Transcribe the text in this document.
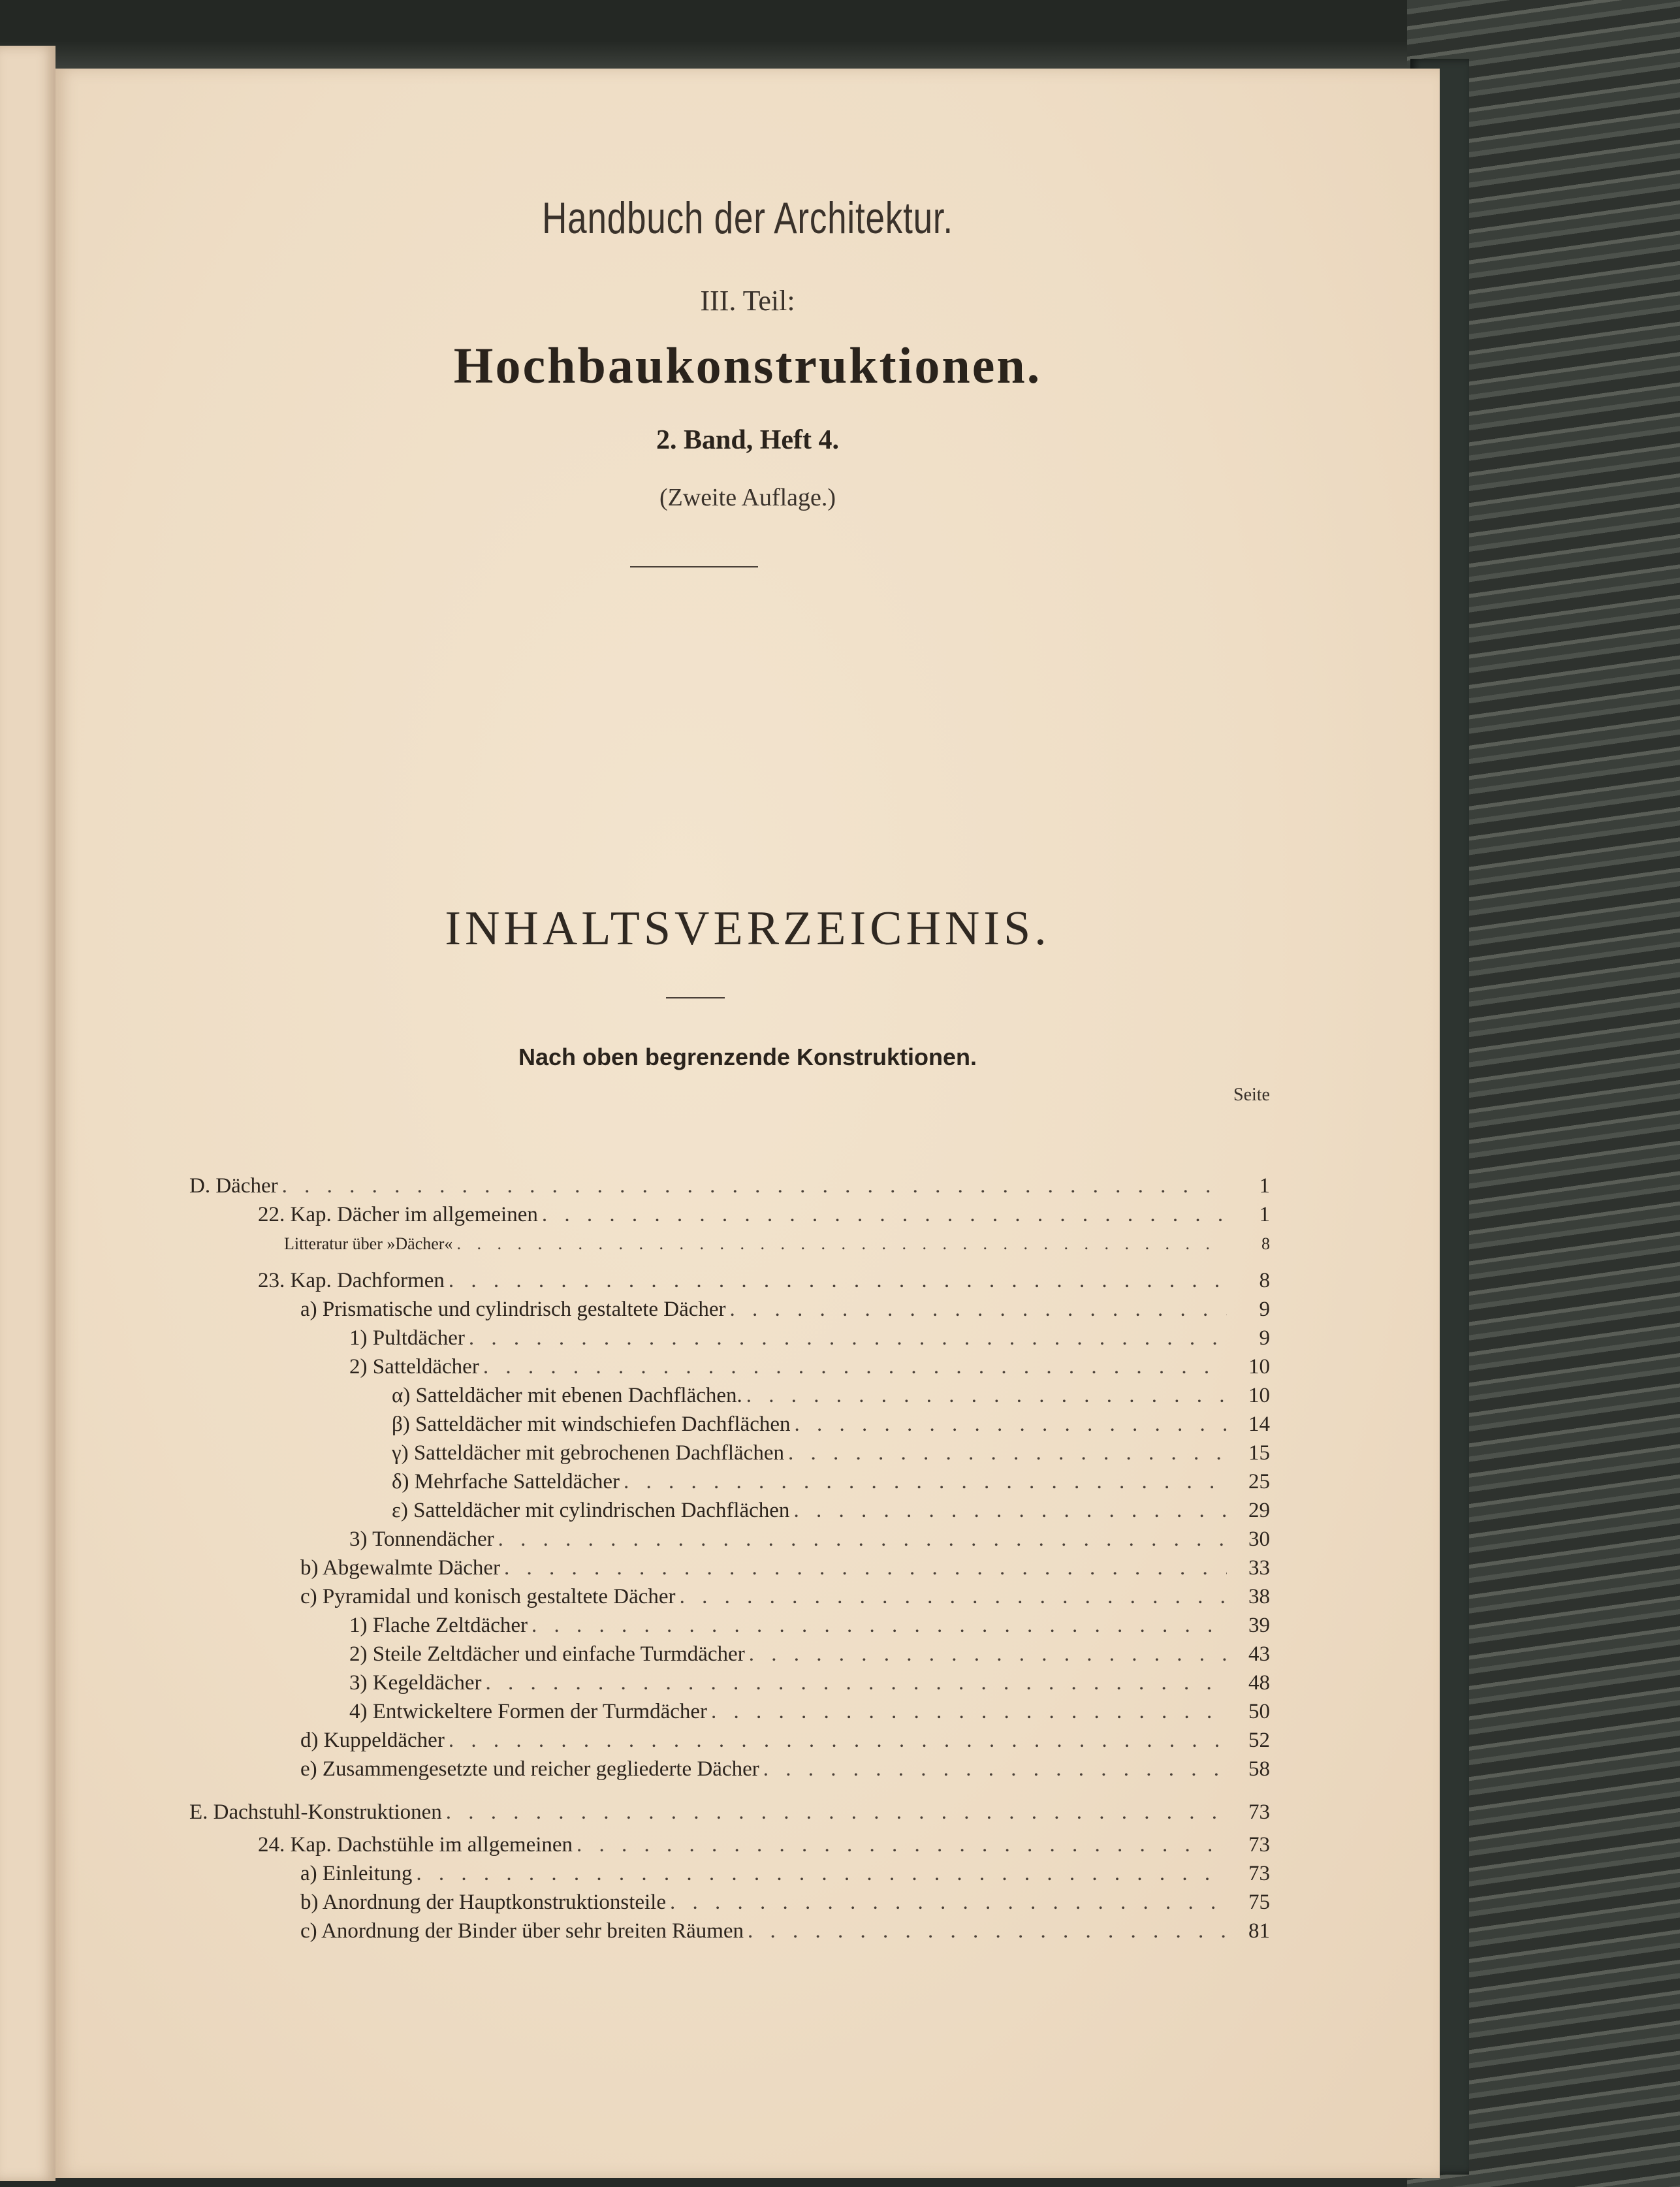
Handbuch der Architektur.
III. Teil:
Hochbaukonstruktionen.
2. Band, Heft 4.
(Zweite Auflage.)
INHALTSVERZEICHNIS.
Nach oben begrenzende Konstruktionen.
Seite
D. Dächer . . .	1
22. Kap. Dächer im allgemeinen . . .	1
Litteratur über »Dächer« . . .	8
23. Kap. Dachformen . . .	8
a) Prismatische und cylindrisch gestaltete Dächer . . .	9
1) Pultdächer . . .	9
2) Satteldächer . . .	10
α) Satteldächer mit ebenen Dachflächen. . . .	10
β) Satteldächer mit windschiefen Dachflächen . . .	14
γ) Satteldächer mit gebrochenen Dachflächen . . .	15
δ) Mehrfache Satteldächer . . .	25
ε) Satteldächer mit cylindrischen Dachflächen . . .	29
3) Tonnendächer . . .	30
b) Abgewalmte Dächer . . .	33
c) Pyramidal und konisch gestaltete Dächer . . .	38
1) Flache Zeltdächer . . .	39
2) Steile Zeltdächer und einfache Turmdächer . . .	43
3) Kegeldächer . . .	48
4) Entwickeltere Formen der Turmdächer . . .	50
d) Kuppeldächer . . .	52
e) Zusammengesetzte und reicher gegliederte Dächer . . .	58
E. Dachstuhl-Konstruktionen . . .	73
24. Kap. Dachstühle im allgemeinen . . .	73
a) Einleitung . . .	73
b) Anordnung der Hauptkonstruktionsteile . . .	75
c) Anordnung der Binder über sehr breiten Räumen . . .	81
